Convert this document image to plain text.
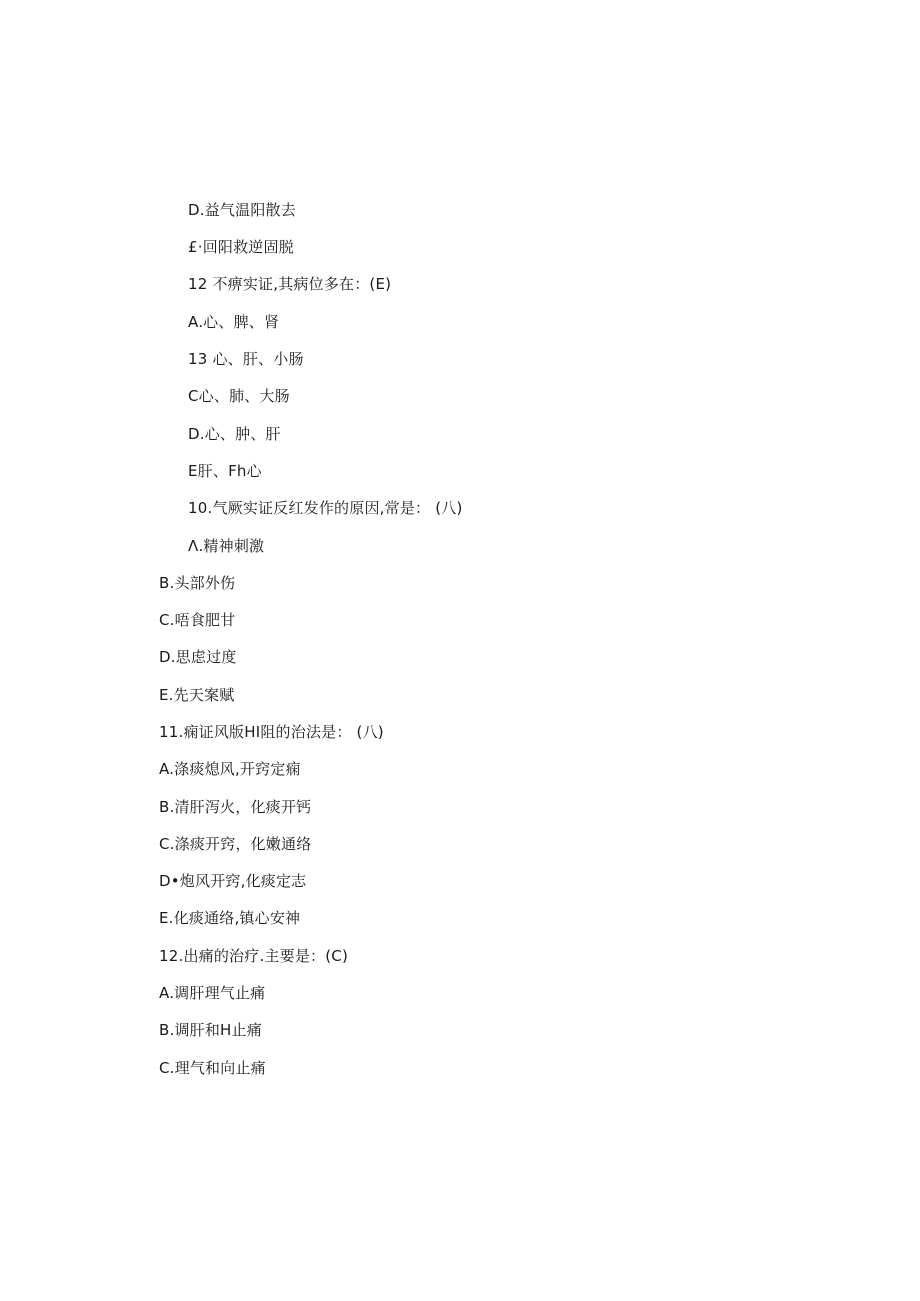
D.益气温阳散去
£·回阳救逆固脱
12 不痹实证,其病位多在：(E)
A.心、脾、肾
13 心、肝、小肠
C心、肺、大肠
D.心、肿、肝
E肝、Fh心
10.气厥实证反红发作的原因,常是： (八)
Λ.精神刺激
B.头部外伤
C.唔食肥甘
D.思虑过度
E.先天案赋
11.痫证风版HI阻的治法是： (八)
A.涤痰熄风,开窍定痫
B.清肝泻火，化痰开钙
C.涤痰开窍，化嫩通络
D•炮风开窍,化痰定志
E.化痰通络,镇心安神
12.出痛的治疗.主要是：(C)
A.调肝理气止痛
B.调肝和H止痛
C.理气和向止痛
